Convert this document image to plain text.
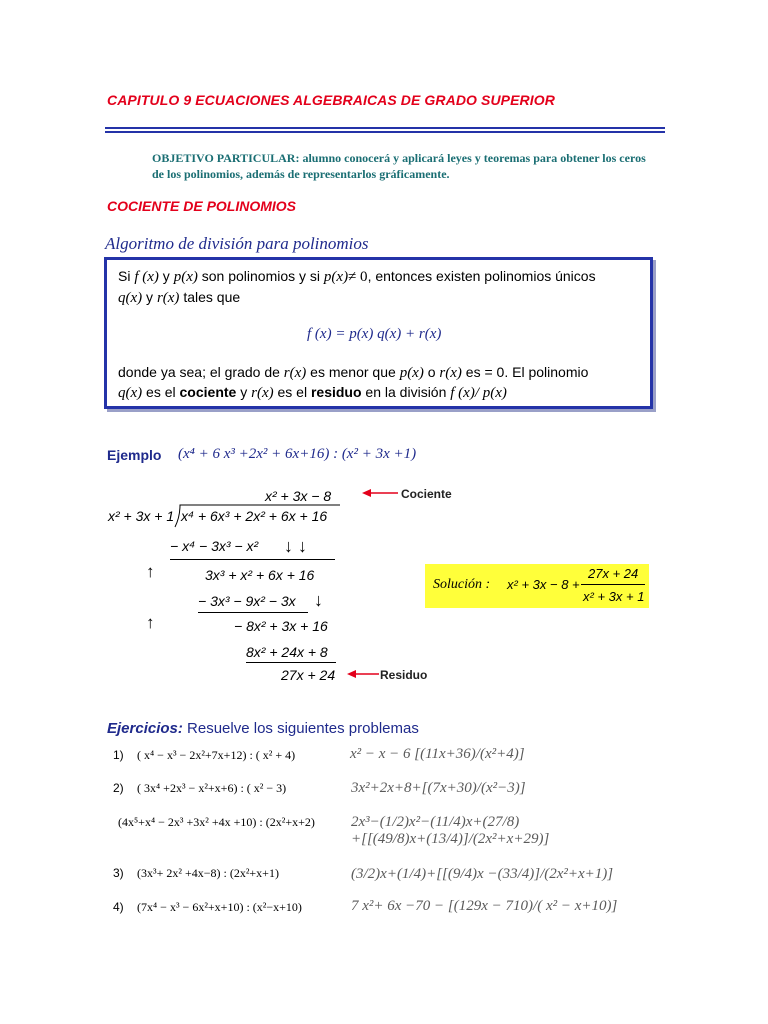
CAPITULO 9 ECUACIONES ALGEBRAICAS DE GRADO SUPERIOR
OBJETIVO PARTICULAR: alumno conocerá y aplicará leyes y teoremas para obtener los ceros de los polinomios, además de representarlos gráficamente.
COCIENTE DE POLINOMIOS
Algoritmo de división para polinomios
Si f (x) y p(x) son polinomios y si p(x)≠ 0, entonces existen polinomios únicos
q(x) y r(x) tales que
f (x) = p(x) q(x) + r(x)
donde ya sea; el grado de r(x) es menor que p(x) o r(x) es = 0. El polinomio
q(x) es el cociente y r(x) es el residuo en la división f (x)/ p(x)
Ejemplo (x⁴ + 6 x³ +2x² + 6x+16) : (x² + 3x +1)
x² + 3x − 8	Cociente
x² + 3x + 1 x⁴ + 6x³ + 2x² + 6x + 16
− x⁴ − 3x³ − x² ↓ ↓
↑	3x³ + x² + 6x + 16
− 3x³ − 9x² − 3x ↓
↑	− 8x² + 3x + 16
8x² + 24x + 8
27x + 24	Residuo
Solución : x² + 3x − 8 +
27x + 24
x² + 3x + 1
Ejercicios: Resuelve los siguientes problemas
1) ( x⁴ − x³ − 2x²+7x+12) : ( x² + 4)	x² − x − 6 [(11x+36)/(x²+4)]
2) ( 3x⁴ +2x³ − x²+x+6) : ( x² − 3)	3x²+2x+8+[(7x+30)/(x²−3)]
(4x⁵+x⁴ − 2x³ +3x² +4x +10) : (2x²+x+2) 2x³−(1/2)x²−(11/4)x+(27/8)
+[[(49/8)x+(13/4)]/(2x²+x+29)]
3) (3x³+ 2x² +4x−8) : (2x²+x+1)	(3/2)x+(1/4)+[[(9/4)x −(33/4)]/(2x²+x+1)]
4) (7x⁴ − x³ − 6x²+x+10) : (x²−x+10)	7 x²+ 6x −70 − [(129x − 710)/( x² − x+10)]
